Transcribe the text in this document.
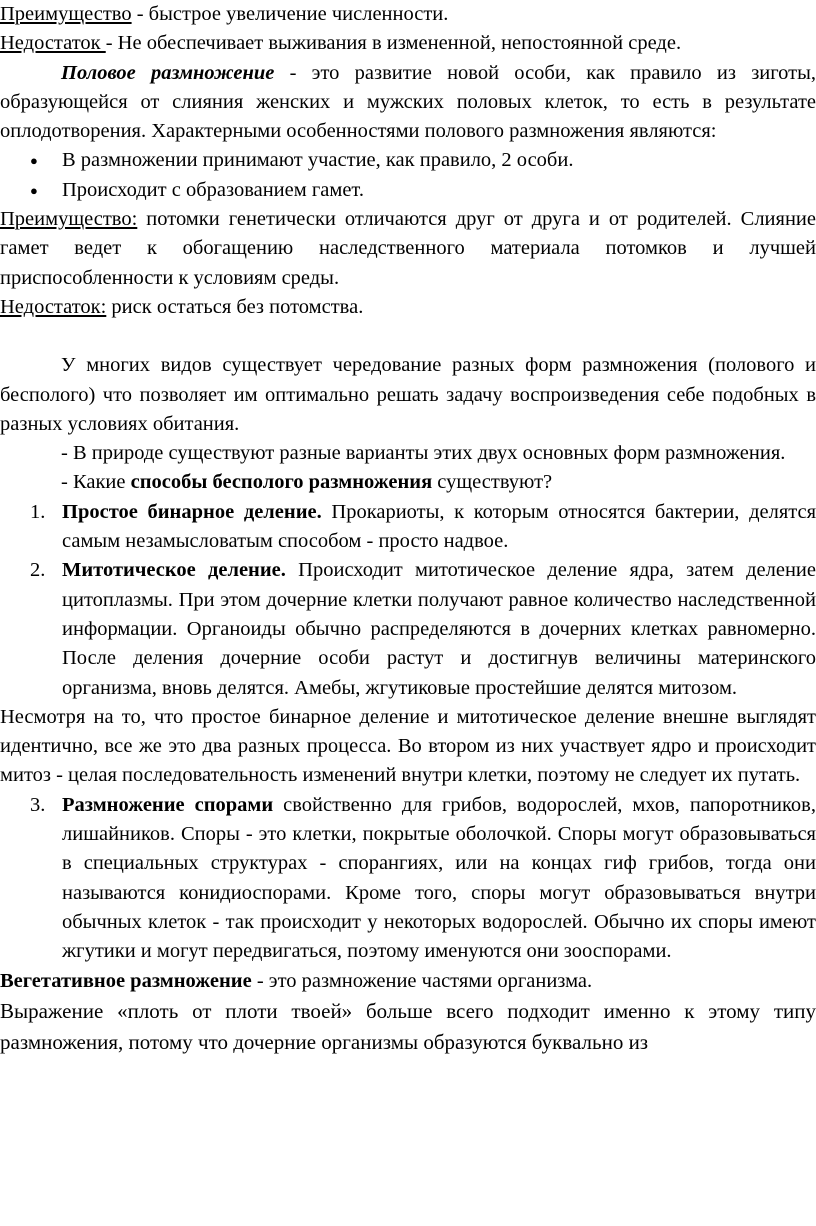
Преимущество - быстрое увеличение численности.

Недостаток - Не обеспечивает выживания в измененной, непостоянной среде.

Половое размножение - это развитие новой особи, как правило из зиготы, образующейся от слияния женских и мужских половых клеток, то есть в результате оплодотворения. Характерными особенностями полового размножения являются:

● В размножении принимают участие, как правило, 2 особи.
● Происходит с образованием гамет.

Преимущество: потомки генетически отличаются друг от друга и от родителей. Слияние гамет ведет к обогащению наследственного материала потомков и лучшей приспособленности к условиям среды.

Недостаток: риск остаться без потомства.

У многих видов существует чередование разных форм размножения (полового и бесполого) что позволяет им оптимально решать задачу воспроизведения себе подобных в разных условиях обитания.

- В природе существуют разные варианты этих двух основных форм размножения.

- Какие способы бесполого размножения существуют?

1. Простое бинарное деление. Прокариоты, к которым относятся бактерии, делятся самым незамысловатым способом - просто надвое.
2. Митотическое деление. Происходит митотическое деление ядра, затем деление цитоплазмы. При этом дочерние клетки получают равное количество наследственной информации. Органоиды обычно распределяются в дочерних клетках равномерно. После деления дочерние особи растут и достигнув величины материнского организма, вновь делятся. Амебы, жгутиковые простейшие делятся митозом.

Несмотря на то, что простое бинарное деление и митотическое деление внешне выглядят идентично, все же это два разных процесса. Во втором из них участвует ядро и происходит митоз - целая последовательность изменений внутри клетки, поэтому не следует их путать.

3. Размножение спорами свойственно для грибов, водорослей, мхов, папоротников, лишайников. Споры - это клетки, покрытые оболочкой. Споры могут образовываться в специальных структурах - спорангиях, или на концах гиф грибов, тогда они называются конидиоспорами. Кроме того, споры могут образовываться внутри обычных клеток - так происходит у некоторых водорослей. Обычно их споры имеют жгутики и могут передвигаться, поэтому именуются они зооспорами.

Вегетативное размножение - это размножение частями организма.

Выражение «плоть от плоти твоей» больше всего подходит именно к этому типу размножения, потому что дочерние организмы образуются буквально из
